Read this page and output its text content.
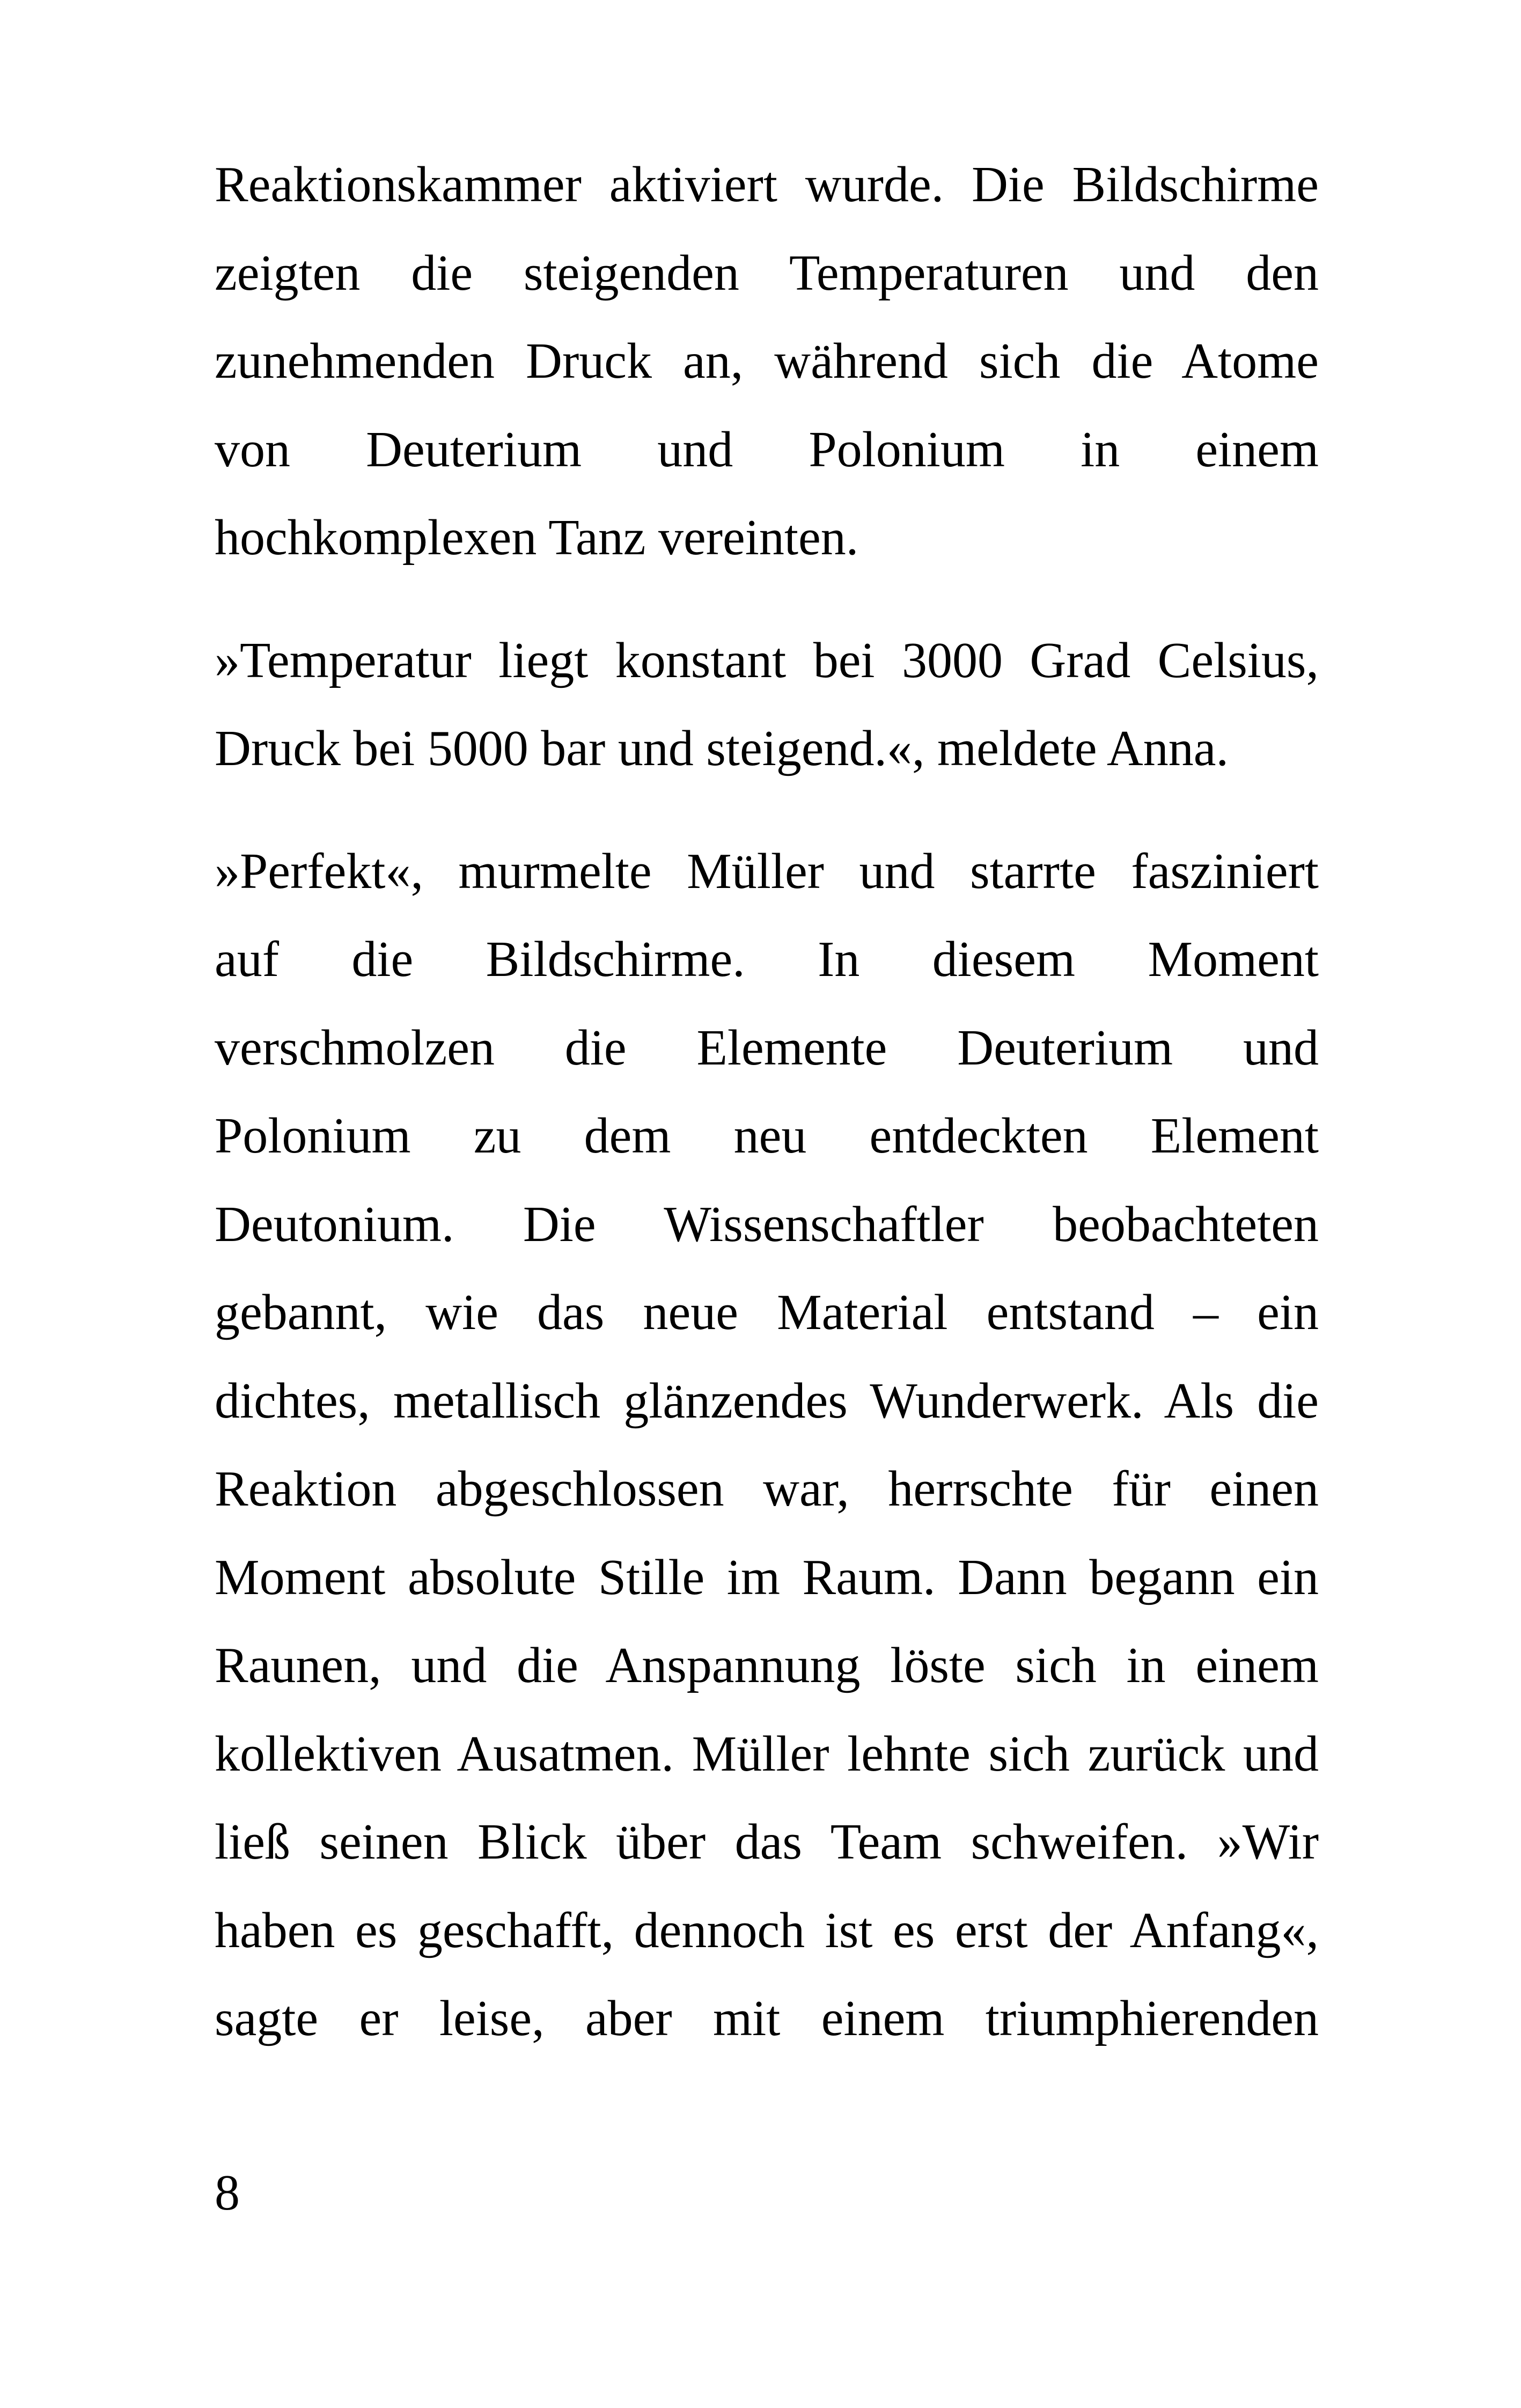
Reaktionskammer aktiviert wurde. Die Bildschirme
zeigten die steigenden Temperaturen und den
zunehmenden Druck an, während sich die Atome
von Deuterium und Polonium in einem
hochkomplexen Tanz vereinten.
»Temperatur liegt konstant bei 3000 Grad Celsius,
Druck bei 5000 bar und steigend.«, meldete Anna.
»Perfekt«, murmelte Müller und starrte fasziniert
auf die Bildschirme. In diesem Moment
verschmolzen die Elemente Deuterium und
Polonium zu dem neu entdeckten Element
Deutonium. Die Wissenschaftler beobachteten
gebannt, wie das neue Material entstand – ein
dichtes, metallisch glänzendes Wunderwerk. Als die
Reaktion abgeschlossen war, herrschte für einen
Moment absolute Stille im Raum. Dann begann ein
Raunen, und die Anspannung löste sich in einem
kollektiven Ausatmen. Müller lehnte sich zurück und
ließ seinen Blick über das Team schweifen. »Wir
haben es geschafft, dennoch ist es erst der Anfang«,
sagte er leise, aber mit einem triumphierenden
8
